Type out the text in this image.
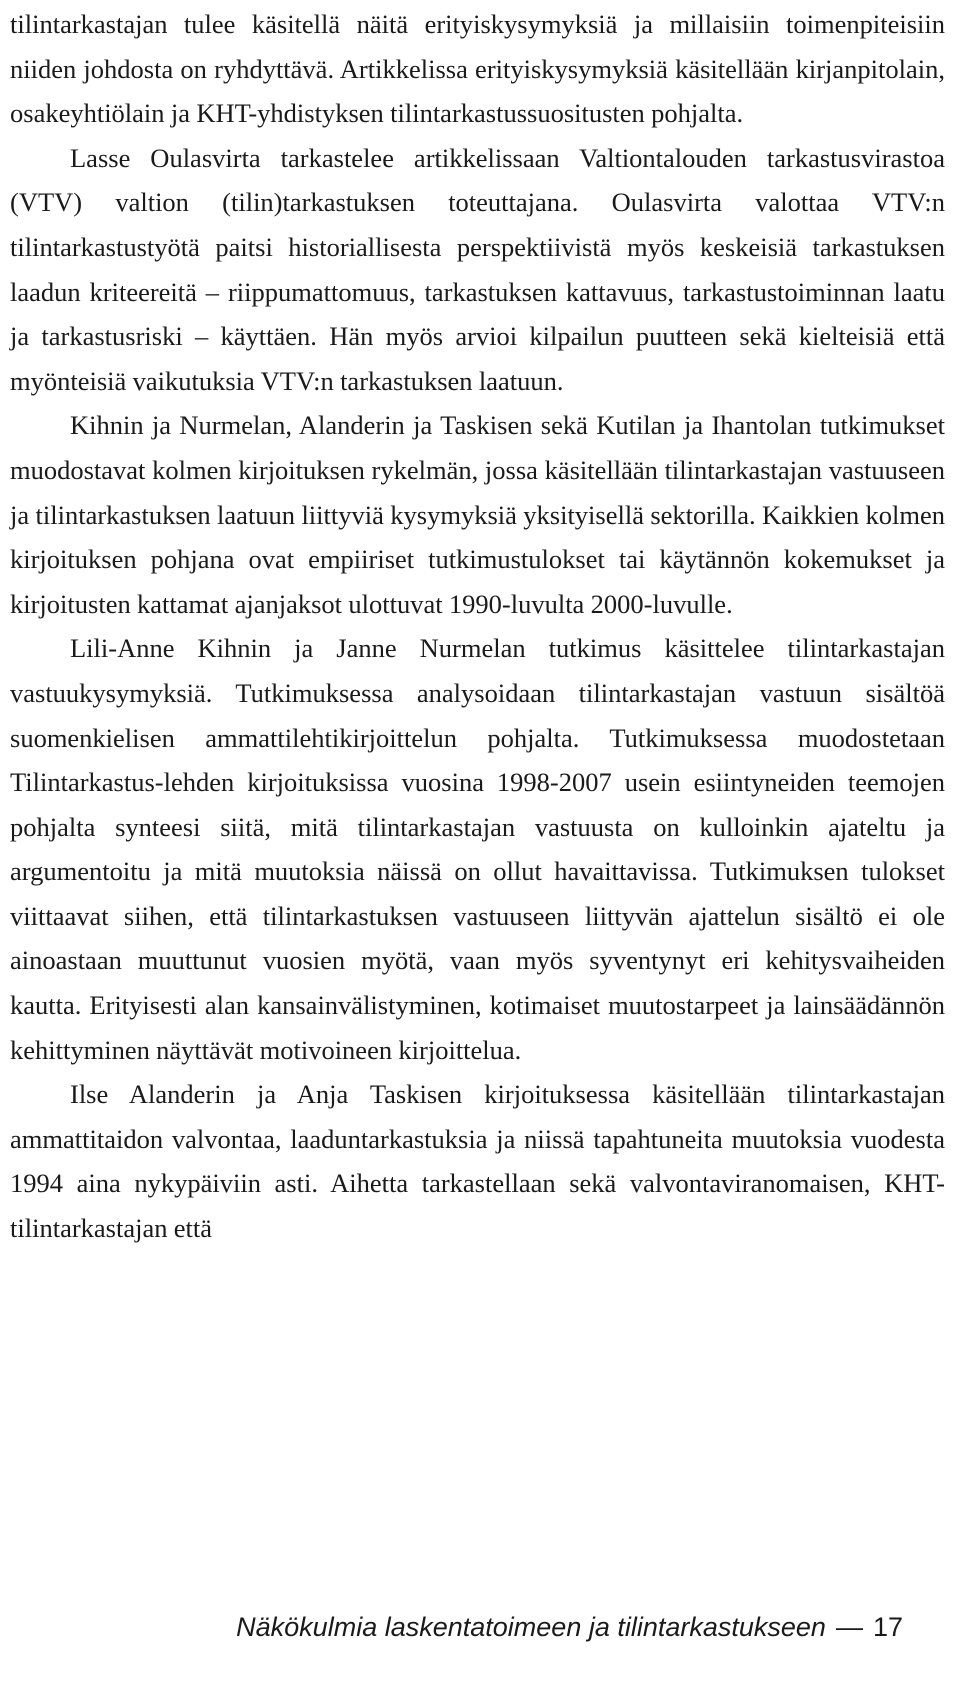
tilintarkastajan tulee käsitellä näitä erityiskysymyksiä ja millaisiin toimenpiteisiin niiden johdosta on ryhdyttävä. Artikkelissa erityiskysymyksiä käsitellään kirjanpitolain, osakeyhtiölain ja KHT-yhdistyksen tilintarkastussuositusten pohjalta.

Lasse Oulasvirta tarkastelee artikkelissaan Valtiontalouden tarkastusvirastoa (VTV) valtion (tilin)tarkastuksen toteuttajana. Oulasvirta valottaa VTV:n tilintarkastustyötä paitsi historiallisesta perspektiivistä myös keskeisiä tarkastuksen laadun kriteereitä – riippumattomuus, tarkastuksen kattavuus, tarkastustoiminnan laatu ja tarkastusriski – käyttäen. Hän myös arvioi kilpailun puutteen sekä kielteisiä että myönteisiä vaikutuksia VTV:n tarkastuksen laatuun.

Kihnin ja Nurmelan, Alanderin ja Taskisen sekä Kutilan ja Ihantolan tutkimukset muodostavat kolmen kirjoituksen rykelmän, jossa käsitellään tilintarkastajan vastuuseen ja tilintarkastuksen laatuun liittyviä kysymyksiä yksityisellä sektorilla. Kaikkien kolmen kirjoituksen pohjana ovat empiiriset tutkimustulokset tai käytännön kokemukset ja kirjoitusten kattamat ajanjaksot ulottuvat 1990-luvulta 2000-luvulle.

Lili-Anne Kihnin ja Janne Nurmelan tutkimus käsittelee tilintarkastajan vastuukysymyksiä. Tutkimuksessa analysoidaan tilintarkastajan vastuun sisältöä suomenkielisen ammattilehtikirjoittelun pohjalta. Tutkimuksessa muodostetaan Tilintarkastus-lehden kirjoituksissa vuosina 1998-2007 usein esiintyneiden teemojen pohjalta synteesi siitä, mitä tilintarkastajan vastuusta on kulloinkin ajateltu ja argumentoitu ja mitä muutoksia näissä on ollut havaittavissa. Tutkimuksen tulokset viittaavat siihen, että tilintarkastuksen vastuuseen liittyvän ajattelun sisältö ei ole ainoastaan muuttunut vuosien myötä, vaan myös syventynyt eri kehitysvaiheiden kautta. Erityisesti alan kansainvälistyminen, kotimaiset muutostarpeet ja lainsäädännön kehittyminen näyttävät motivoineen kirjoittelua.

Ilse Alanderin ja Anja Taskisen kirjoituksessa käsitellään tilintarkastajan ammattitaidon valvontaa, laaduntarkastuksia ja niissä tapahtuneita muutoksia vuodesta 1994 aina nykypäiviin asti. Aihetta tarkastellaan sekä valvontaviranomaisen, KHT-tilintarkastajan että

Näkökulmia laskentatoimeen ja tilintarkastukseen — 17
